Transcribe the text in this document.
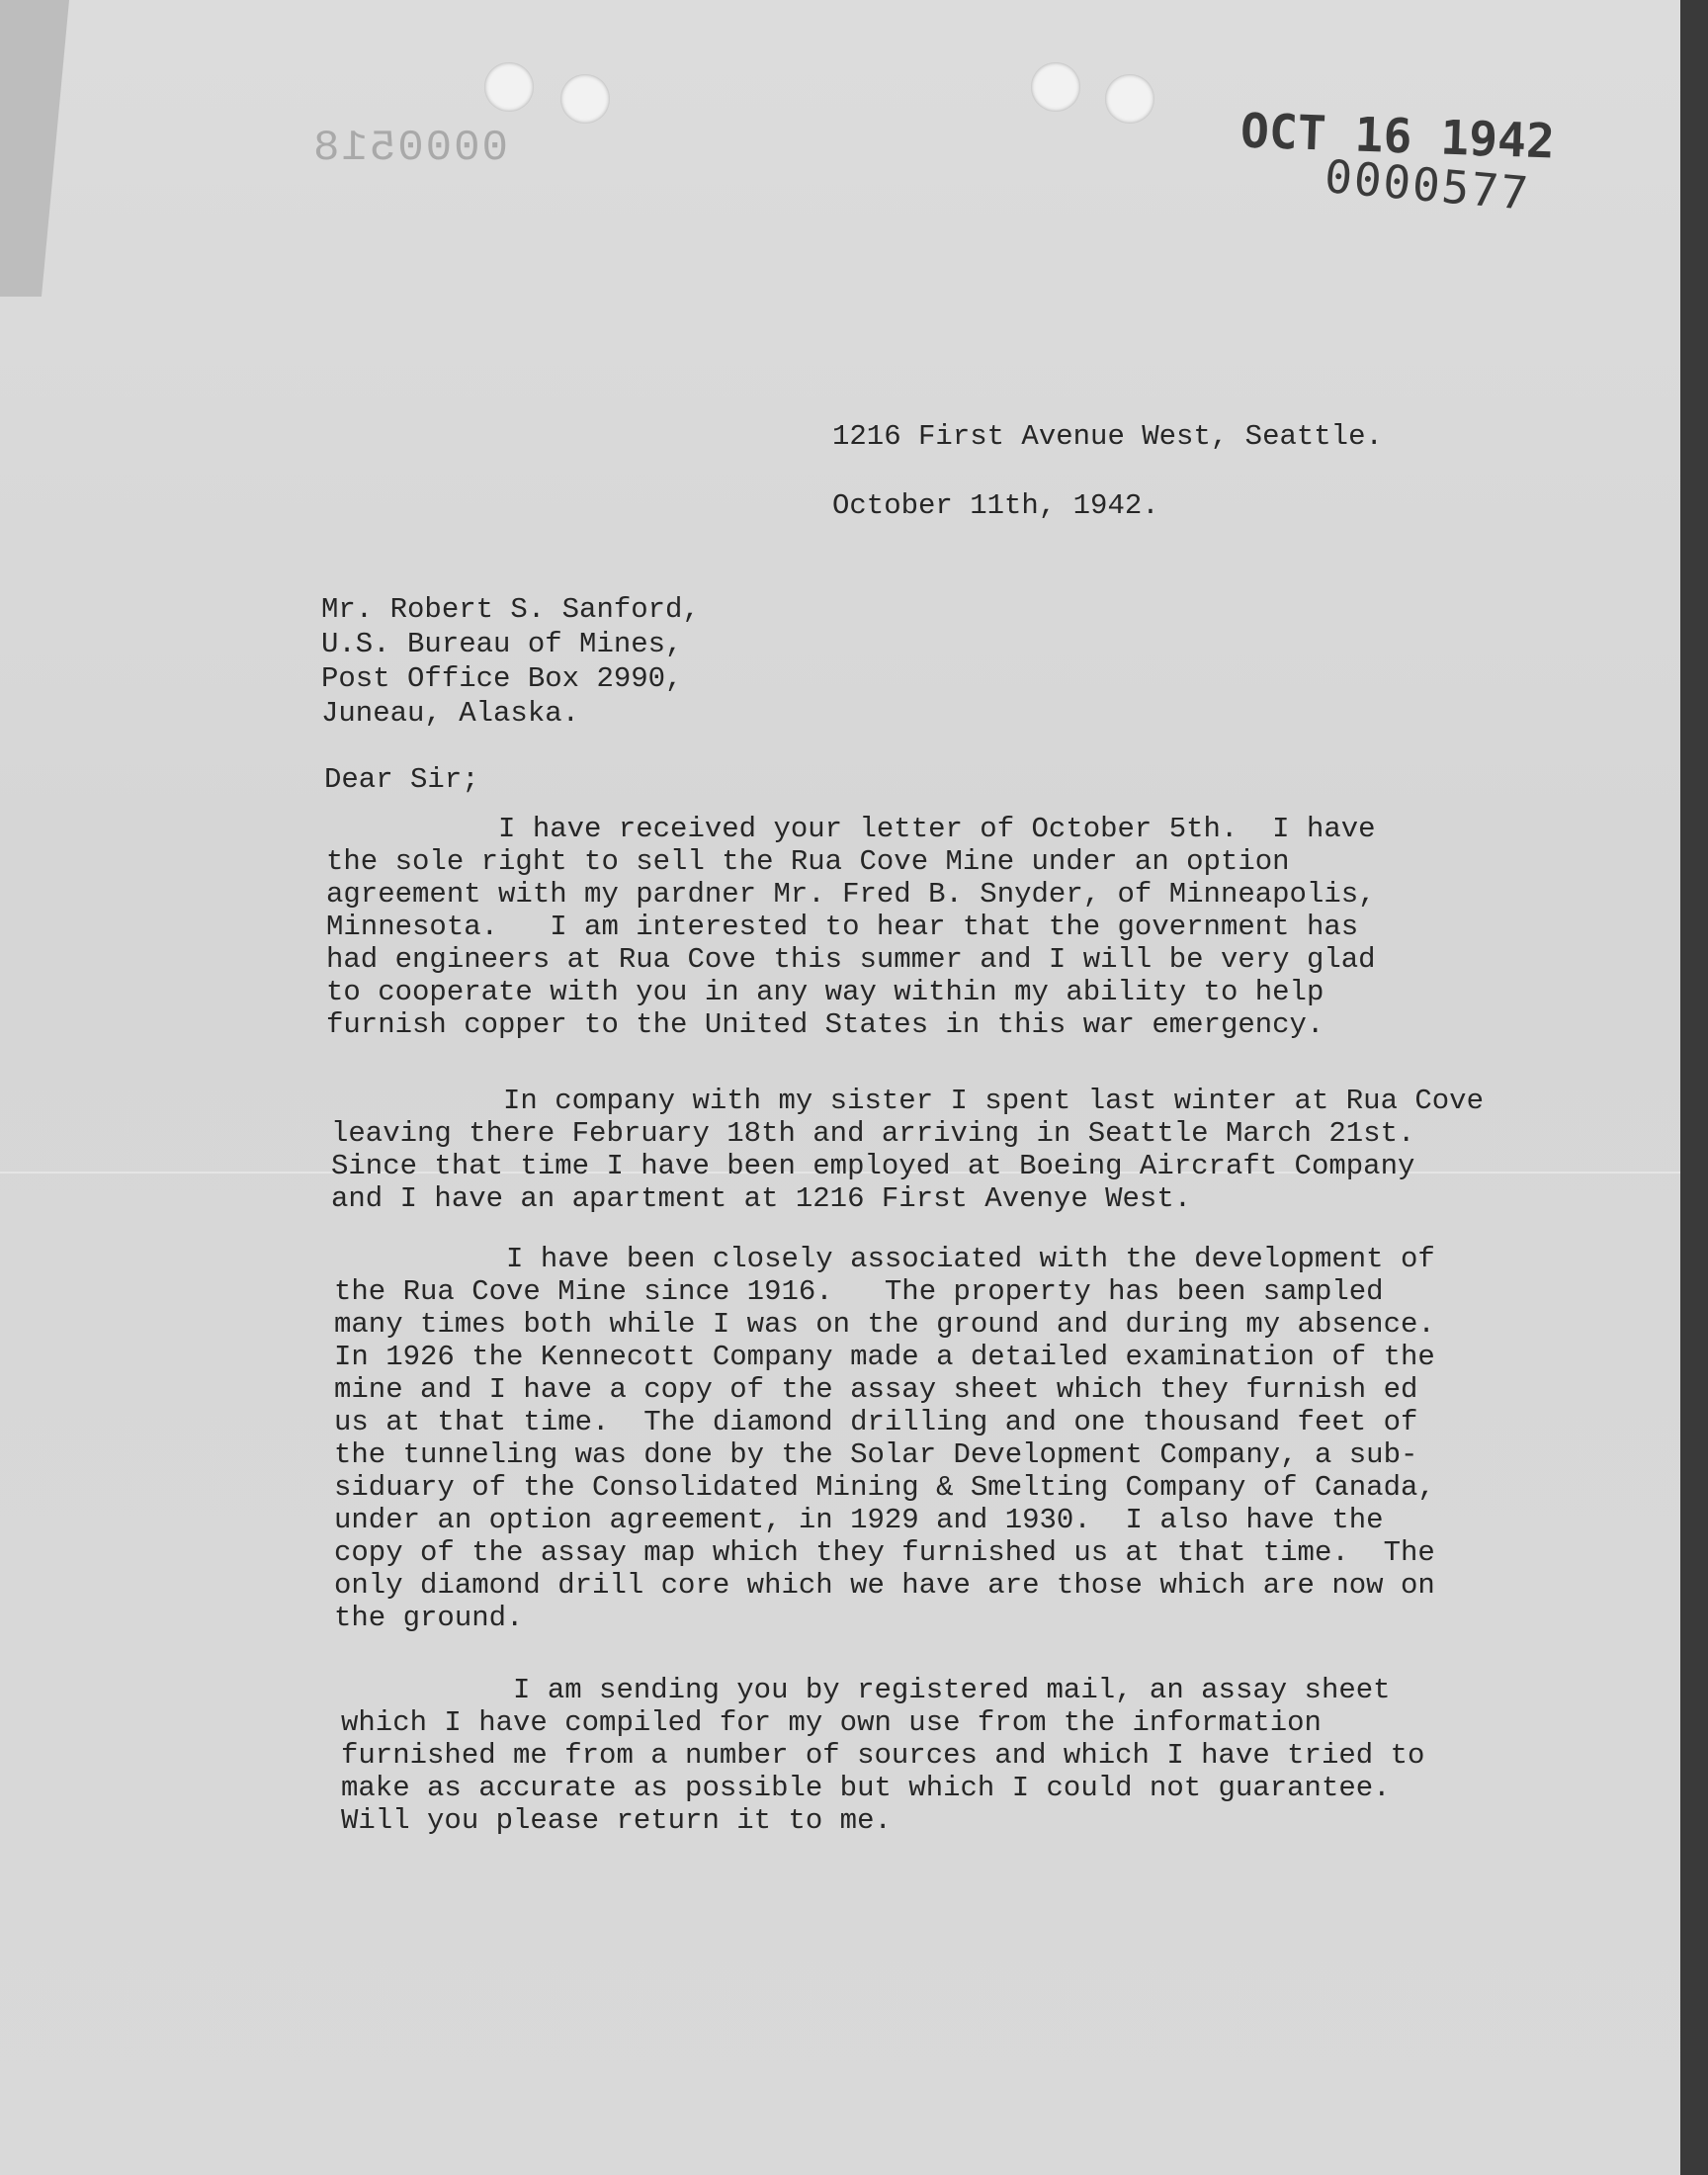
0000518	OCT 16 1942
0000577
1216 First Avenue West, Seattle.
October 11th, 1942.
Mr. Robert S. Sanford,
U.S. Bureau of Mines,
Post Office Box 2990,
Juneau, Alaska.
Dear Sir;
I have received your letter of October 5th.  I have
the sole right to sell the Rua Cove Mine under an option
agreement with my pardner Mr. Fred B. Snyder, of Minneapolis,
Minnesota.   I am interested to hear that the government has
had engineers at Rua Cove this summer and I will be very glad
to cooperate with you in any way within my ability to help
furnish copper to the United States in this war emergency.
In company with my sister I spent last winter at Rua Cove
leaving there February 18th and arriving in Seattle March 21st.
Since that time I have been employed at Boeing Aircraft Company
and I have an apartment at 1216 First Avenye West.
I have been closely associated with the development of
the Rua Cove Mine since 1916.   The property has been sampled
many times both while I was on the ground and during my absence.
In 1926 the Kennecott Company made a detailed examination of the
mine and I have a copy of the assay sheet which they furnish ed
us at that time.  The diamond drilling and one thousand feet of
the tunneling was done by the Solar Development Company, a sub-
siduary of the Consolidated Mining & Smelting Company of Canada,
under an option agreement, in 1929 and 1930.  I also have the
copy of the assay map which they furnished us at that time.  The
only diamond drill core which we have are those which are now on
the ground.
I am sending you by registered mail, an assay sheet
which I have compiled for my own use from the information
furnished me from a number of sources and which I have tried to
make as accurate as possible but which I could not guarantee.
Will you please return it to me.
